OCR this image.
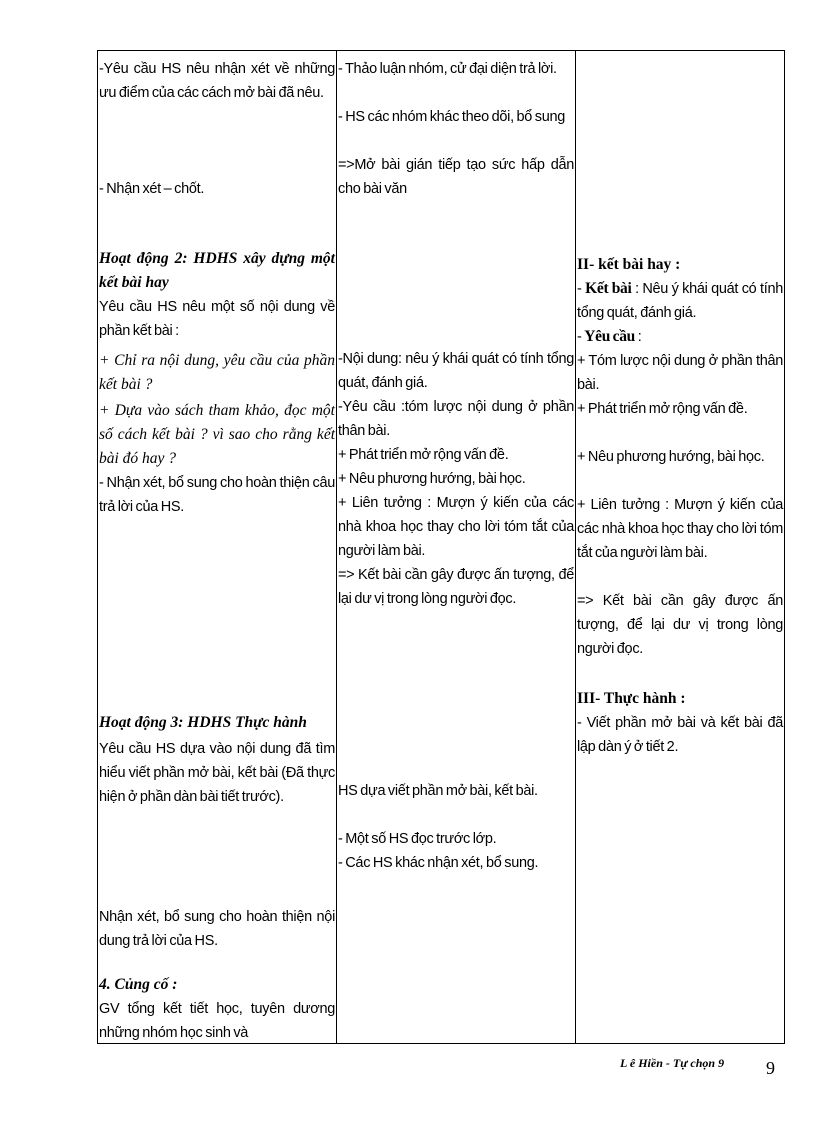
-Yêu cầu HS nêu nhận xét về những ưu điểm của các cách mở bài đã nêu.

- Nhận xét – chốt.

Hoạt động 2: HDHS xây dựng một kết bài hay

Yêu cầu HS nêu một số nội dung về phần kết bài :

+ Chỉ ra nội dung, yêu cầu của phần kết bài ?

+ Dựa vào sách tham khảo, đọc một số cách kết bài ? vì sao cho rằng kết bài đó hay ?

- Nhận xét, bổ sung cho hoàn thiện câu trả lời của HS.

Hoạt động 3: HDHS Thực hành

Yêu cầu HS dựa vào nội dung đã tìm hiểu viết phần mở bài, kết bài (Đã thực hiện ở phần dàn bài tiết trước).

Nhận xét, bổ sung cho hoàn thiện nội dung trả lời của HS.

4. Củng cố :

GV tổng kết tiết học, tuyên dương những nhóm học sinh và

- Thảo luận nhóm, cử đại diện trả lời.

- HS các nhóm khác theo dõi, bổ sung

=>Mở bài gián tiếp tạo sức hấp dẫn cho bài văn

-Nội dung: nêu ý khái quát có tính tổng quát, đánh giá.

-Yêu cầu :tóm lược nội dung ở phần thân bài.

+ Phát triển mở rộng vấn đề.

+ Nêu phương hướng, bài học.

+ Liên tưởng : Mượn ý kiến của các nhà khoa học thay cho lời tóm tắt của người làm bài.

=> Kết bài cần gây được ấn tượng, để lại dư vị trong lòng người đọc.

HS dựa viết phần mở bài, kết bài.

- Một số HS đọc trước lớp.

- Các HS khác nhận xét, bổ sung.

II- kết bài hay :

- Kết bài : Nêu ý khái quát có tính tổng quát, đánh giá.

- Yêu cầu :

+ Tóm lược nội dung ở phần thân bài.

+ Phát triển mở rộng vấn đề.

+ Nêu phương hướng, bài học.

+ Liên tưởng : Mượn ý kiến của các nhà khoa học thay cho lời tóm tắt của người làm bài.

=> Kết bài cần gây được ấn tượng, để lại dư vị trong lòng người đọc.

III- Thực hành :

- Viết phần mở bài và kết bài đã lập dàn ý ở tiết 2.

L ê Hiền - Tự chọn 9 9
